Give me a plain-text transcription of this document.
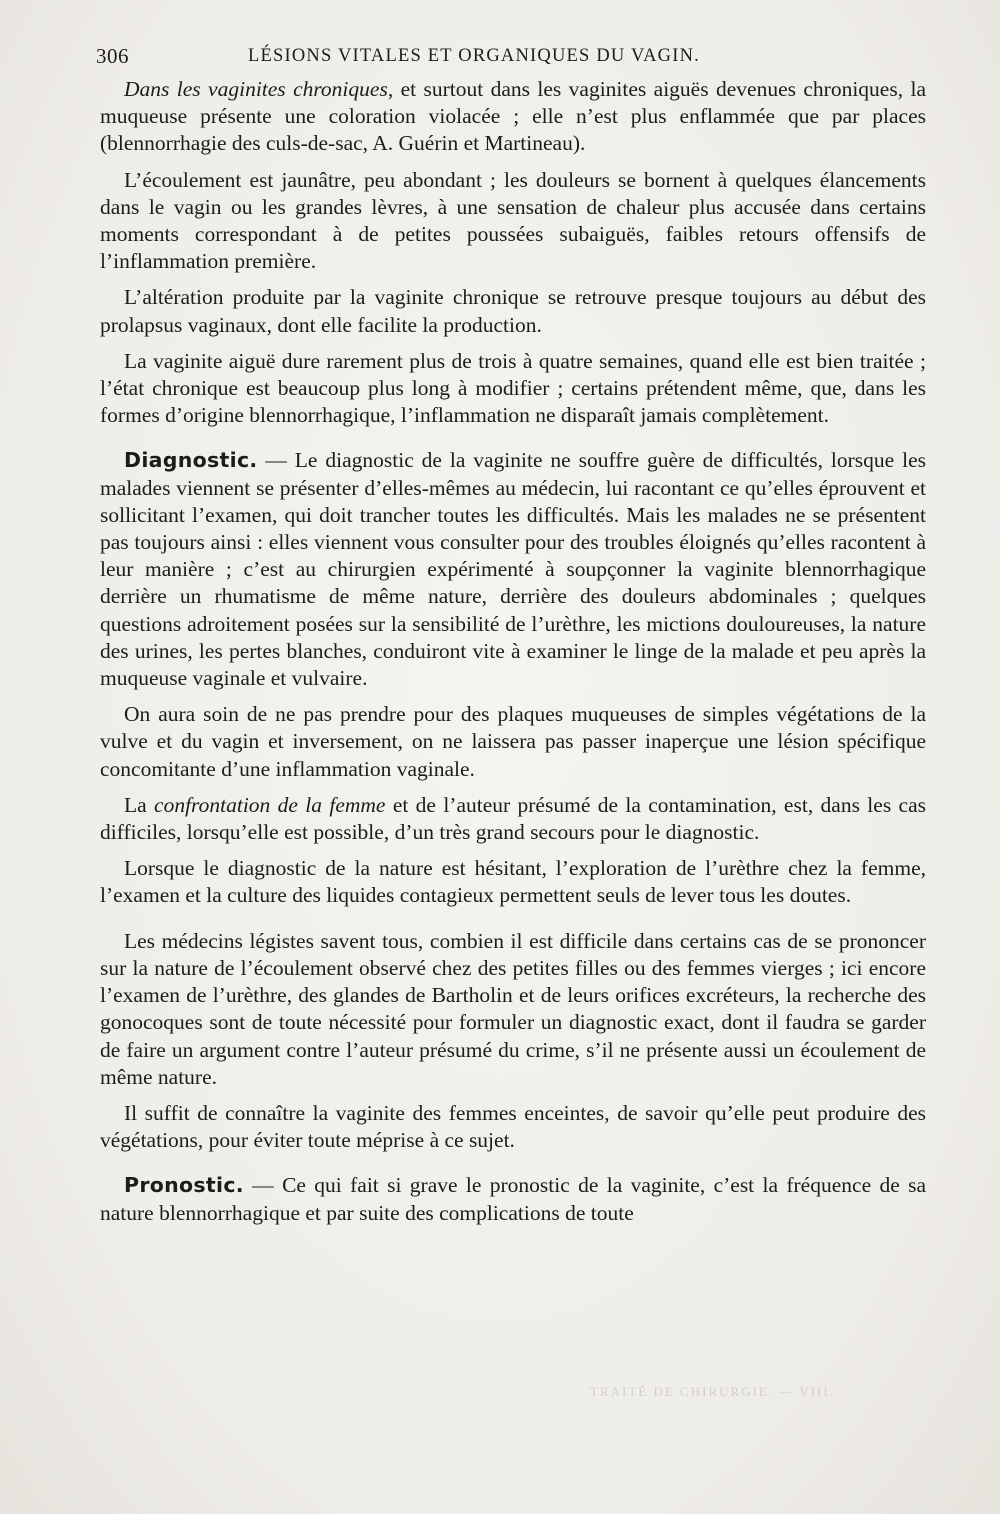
306	LÉSIONS VITALES ET ORGANIQUES DU VAGIN.

Dans les vaginites chroniques, et surtout dans les vaginites aiguës devenues chroniques, la muqueuse présente une coloration violacée ; elle n’est plus enflammée que par places (blennorrhagie des culs-de-sac, A. Guérin et Martineau).

L’écoulement est jaunâtre, peu abondant ; les douleurs se bornent à quelques élancements dans le vagin ou les grandes lèvres, à une sensation de chaleur plus accusée dans certains moments correspondant à de petites poussées subaiguës, faibles retours offensifs de l’inflammation première.

L’altération produite par la vaginite chronique se retrouve presque toujours au début des prolapsus vaginaux, dont elle facilite la production.

La vaginite aiguë dure rarement plus de trois à quatre semaines, quand elle est bien traitée ; l’état chronique est beaucoup plus long à modifier ; certains prétendent même, que, dans les formes d’origine blennorrhagique, l’inflammation ne disparaît jamais complètement.

Diagnostic. — Le diagnostic de la vaginite ne souffre guère de difficultés, lorsque les malades viennent se présenter d’elles-mêmes au médecin, lui racontant ce qu’elles éprouvent et sollicitant l’examen, qui doit trancher toutes les difficultés. Mais les malades ne se présentent pas toujours ainsi : elles viennent vous consulter pour des troubles éloignés qu’elles racontent à leur manière ; c’est au chirurgien expérimenté à soupçonner la vaginite blennorrhagique derrière un rhumatisme de même nature, derrière des douleurs abdominales ; quelques questions adroitement posées sur la sensibilité de l’urèthre, les mictions douloureuses, la nature des urines, les pertes blanches, conduiront vite à examiner le linge de la malade et peu après la muqueuse vaginale et vulvaire.

On aura soin de ne pas prendre pour des plaques muqueuses de simples végétations de la vulve et du vagin et inversement, on ne laissera pas passer inaperçue une lésion spécifique concomitante d’une inflammation vaginale.

La confrontation de la femme et de l’auteur présumé de la contamination, est, dans les cas difficiles, lorsqu’elle est possible, d’un très grand secours pour le diagnostic.

Lorsque le diagnostic de la nature est hésitant, l’exploration de l’urèthre chez la femme, l’examen et la culture des liquides contagieux permettent seuls de lever tous les doutes.

Les médecins légistes savent tous, combien il est difficile dans certains cas de se prononcer sur la nature de l’écoulement observé chez des petites filles ou des femmes vierges ; ici encore l’examen de l’urèthre, des glandes de Bartholin et de leurs orifices excréteurs, la recherche des gonocoques sont de toute nécessité pour formuler un diagnostic exact, dont il faudra se garder de faire un argument contre l’auteur présumé du crime, s’il ne présente aussi un écoulement de même nature.

Il suffit de connaître la vaginite des femmes enceintes, de savoir qu’elle peut produire des végétations, pour éviter toute méprise à ce sujet.

Pronostic. — Ce qui fait si grave le pronostic de la vaginite, c’est la fréquence de sa nature blennorrhagique et par suite des complications de toute

TRAITÉ DE CHIRURGIE. — VIII.
